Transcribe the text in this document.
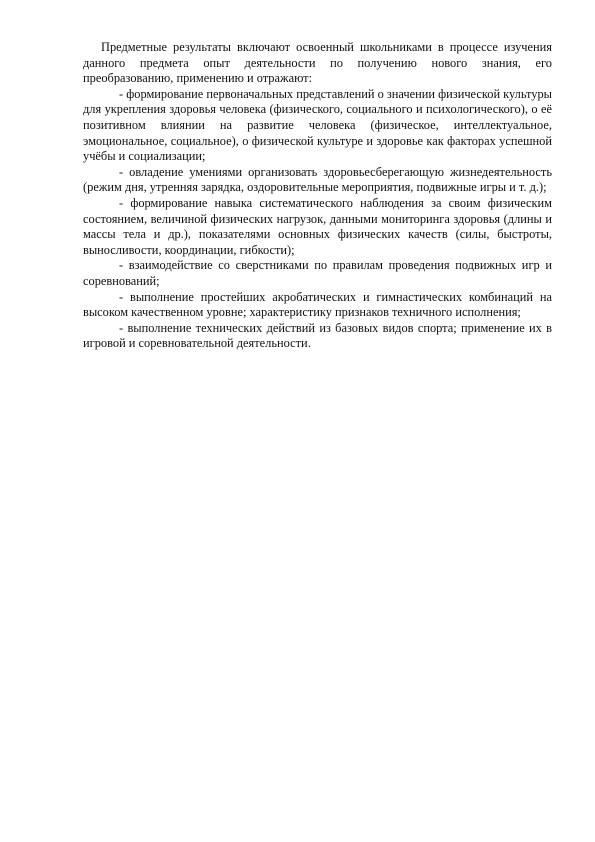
Предметные результаты включают освоенный школьниками в процессе изучения данного предмета опыт деятельности по получению нового знания, его преобразованию, применению и отражают:

- формирование первоначальных представлений о значении физической культуры для укрепления здоровья человека (физического, социального и психологического), о её позитивном влиянии на развитие человека (физическое, интеллектуальное, эмоциональное, социальное), о физической культуре и здоровье как факторах успешной учёбы и социализации;

- овладение умениями организовать здоровьесберегающую жизнедеятельность (режим дня, утренняя зарядка, оздоровительные мероприятия, подвижные игры и т. д.);

- формирование навыка систематического наблюдения за своим физическим состоянием, величиной физических нагрузок, данными мониторинга здоровья (длины и массы тела и др.), показателями основных физических качеств (силы, быстроты, выносливости, координации, гибкости);

- взаимодействие со сверстниками по правилам проведения подвижных игр и соревнований;

- выполнение простейших акробатических и гимнастических комбинаций на высоком качественном уровне; характеристику признаков техничного исполнения;

- выполнение технических действий из базовых видов спорта; применение их в игровой и соревновательной деятельности.
